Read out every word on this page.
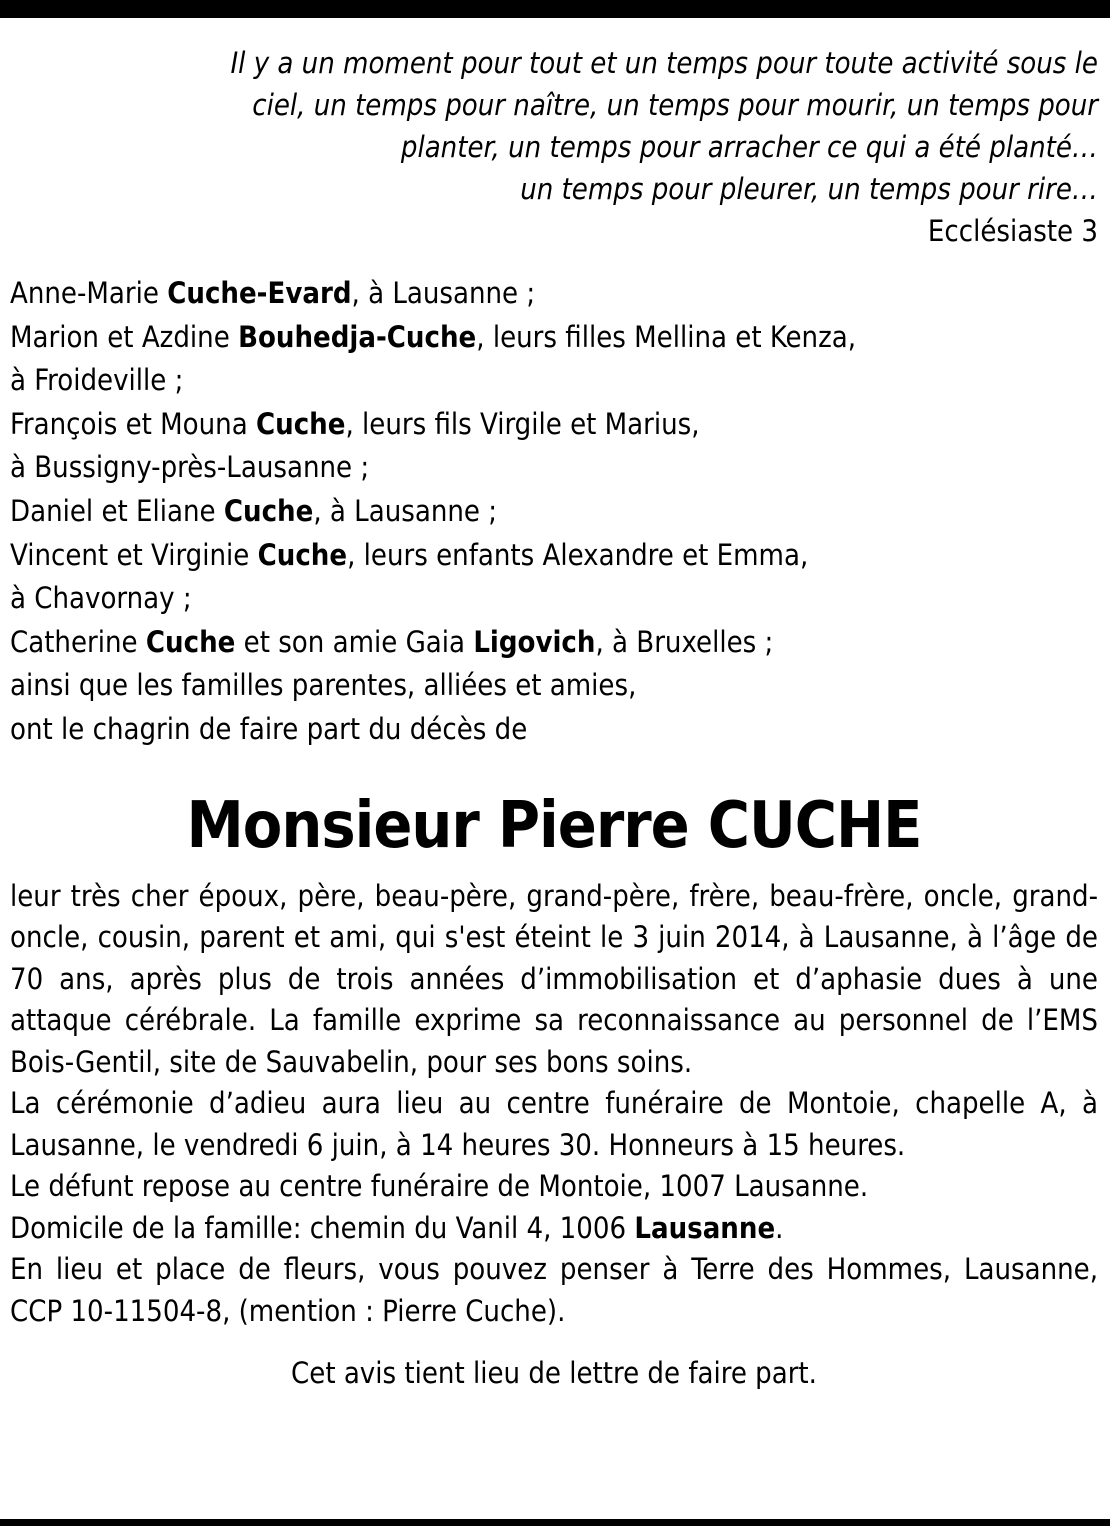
Il y a un moment pour tout et un temps pour toute activité sous le
ciel, un temps pour naître, un temps pour mourir, un temps pour
planter, un temps pour arracher ce qui a été planté…
un temps pour pleurer, un temps pour rire…
Ecclésiaste 3
Anne-Marie Cuche-Evard, à Lausanne ;
Marion et Azdine Bouhedja-Cuche, leurs filles Mellina et Kenza,
à Froideville ;
François et Mouna Cuche, leurs fils Virgile et Marius,
à Bussigny-près-Lausanne ;
Daniel et Eliane Cuche, à Lausanne ;
Vincent et Virginie Cuche, leurs enfants Alexandre et Emma,
à Chavornay ;
Catherine Cuche et son amie Gaia Ligovich, à Bruxelles ;
ainsi que les familles parentes, alliées et amies,
ont le chagrin de faire part du décès de
Monsieur Pierre CUCHE

leur très cher époux, père, beau-père, grand-père, frère, beau-frère, oncle, grand-oncle, cousin, parent et ami, qui s'est éteint le 3 juin 2014, à Lausanne, à l’âge de 70 ans, après plus de trois années d’immobilisation et d’aphasie dues à une attaque cérébrale. La famille exprime sa reconnaissance au personnel de l’EMS Bois-Gentil, site de Sauvabelin, pour ses bons soins.

La cérémonie d’adieu aura lieu au centre funéraire de Montoie, chapelle A, à Lausanne, le vendredi 6 juin, à 14 heures 30. Honneurs à 15 heures.

Le défunt repose au centre funéraire de Montoie, 1007 Lausanne.

Domicile de la famille: chemin du Vanil 4, 1006 Lausanne.

En lieu et place de fleurs, vous pouvez penser à Terre des Hommes, Lausanne, CCP 10-11504-8, (mention : Pierre Cuche).

Cet avis tient lieu de lettre de faire part.
